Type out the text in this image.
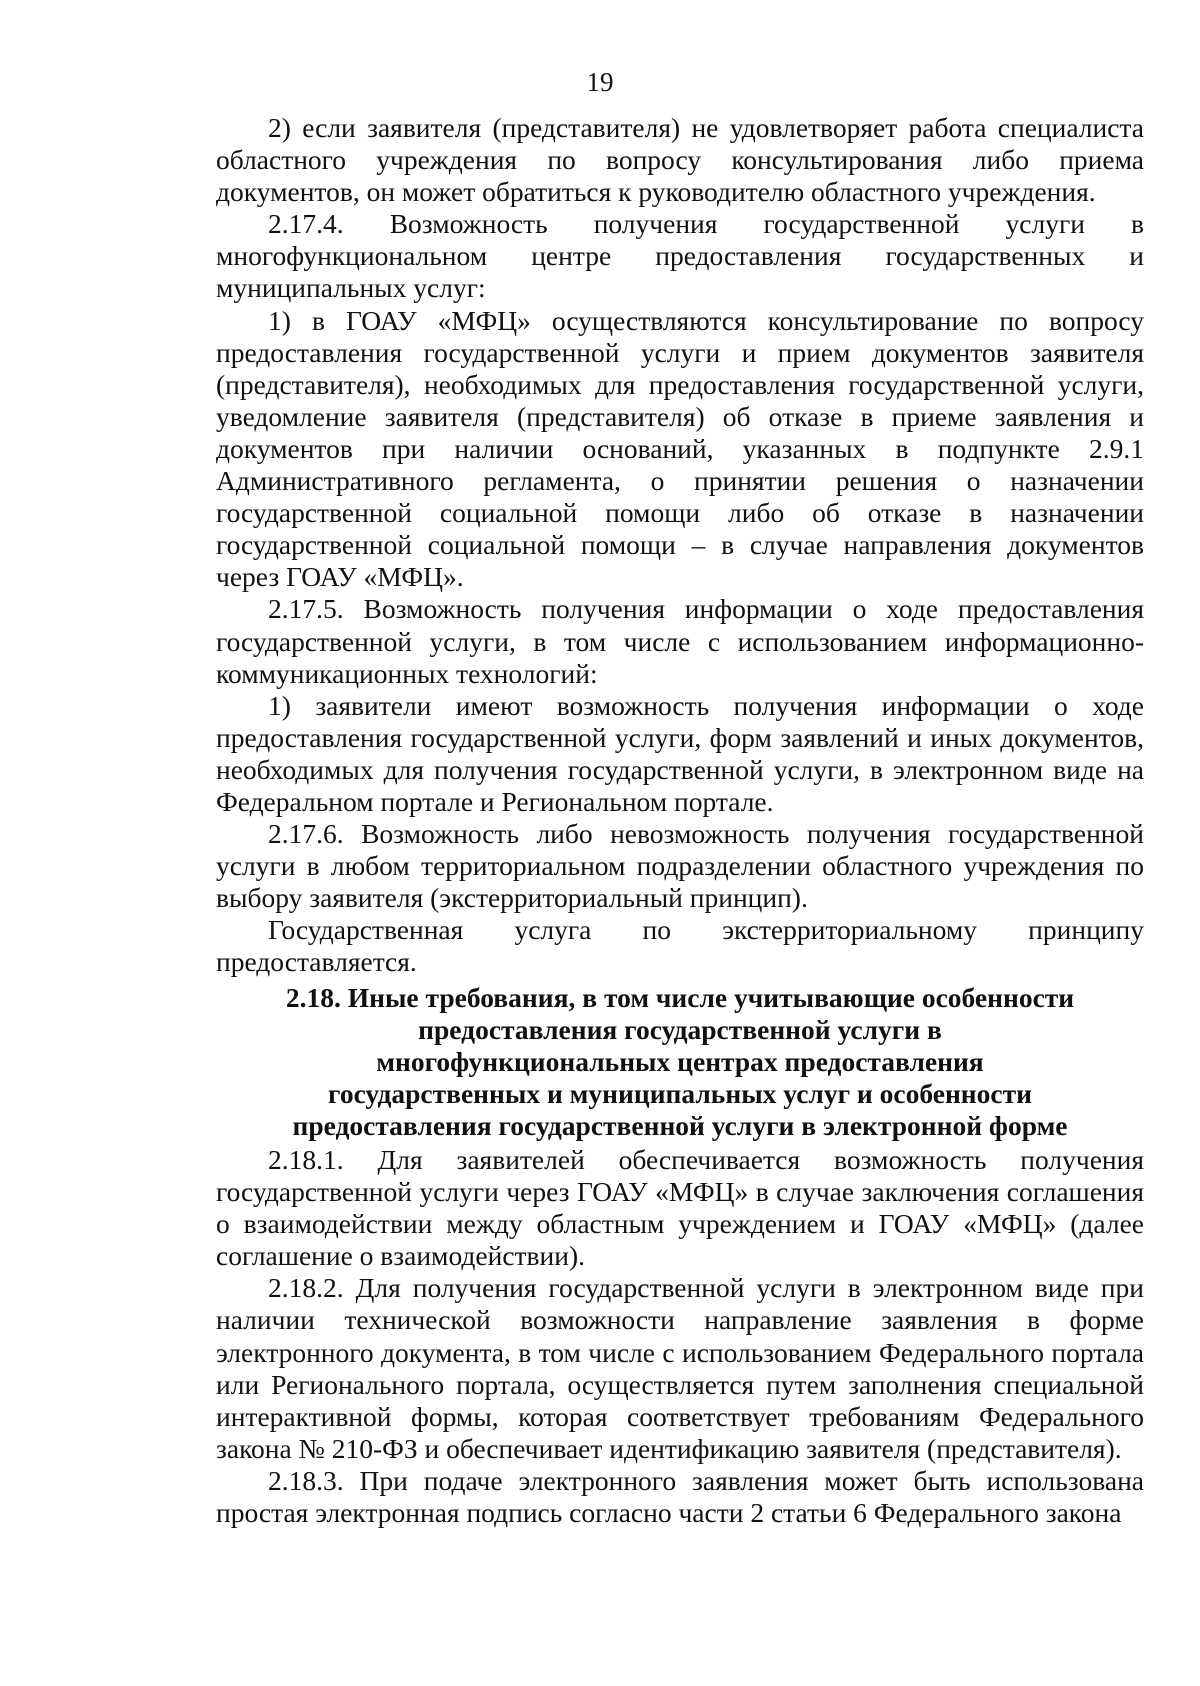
19

2) если заявителя (представителя) не удовлетворяет работа специалиста областного учреждения по вопросу консультирования либо приема документов, он может обратиться к руководителю областного учреждения.

2.17.4. Возможность получения государственной услуги в многофункциональном центре предоставления государственных и муниципальных услуг:

1) в ГОАУ «МФЦ» осуществляются консультирование по вопросу предоставления государственной услуги и прием документов заявителя (представителя), необходимых для предоставления государственной услуги, уведомление заявителя (представителя) об отказе в приеме заявления и документов при наличии оснований, указанных в подпункте 2.9.1 Административного регламента, о принятии решения о назначении государственной социальной помощи либо об отказе в назначении государственной социальной помощи – в случае направления документов через ГОАУ «МФЦ».

2.17.5. Возможность получения информации о ходе предоставления государственной услуги, в том числе с использованием информационно-коммуникационных технологий:

1) заявители имеют возможность получения информации о ходе предоставления государственной услуги, форм заявлений и иных документов, необходимых для получения государственной услуги, в электронном виде на Федеральном портале и Региональном портале.

2.17.6. Возможность либо невозможность получения государственной услуги в любом территориальном подразделении областного учреждения по выбору заявителя (экстерриториальный принцип).

Государственная услуга по экстерриториальному принципу предоставляется.

2.18. Иные требования, в том числе учитывающие особенности предоставления государственной услуги в многофункциональных центрах предоставления государственных и муниципальных услуг и особенности предоставления государственной услуги в электронной форме

2.18.1. Для заявителей обеспечивается возможность получения государственной услуги через ГОАУ «МФЦ» в случае заключения соглашения о взаимодействии между областным учреждением и ГОАУ «МФЦ» (далее соглашение о взаимодействии).

2.18.2. Для получения государственной услуги в электронном виде при наличии технической возможности направление заявления в форме электронного документа, в том числе с использованием Федерального портала или Регионального портала, осуществляется путем заполнения специальной интерактивной формы, которая соответствует требованиям Федерального закона № 210-ФЗ и обеспечивает идентификацию заявителя (представителя).

2.18.3. При подаче электронного заявления может быть использована простая электронная подпись согласно части 2 статьи 6 Федерального закона
